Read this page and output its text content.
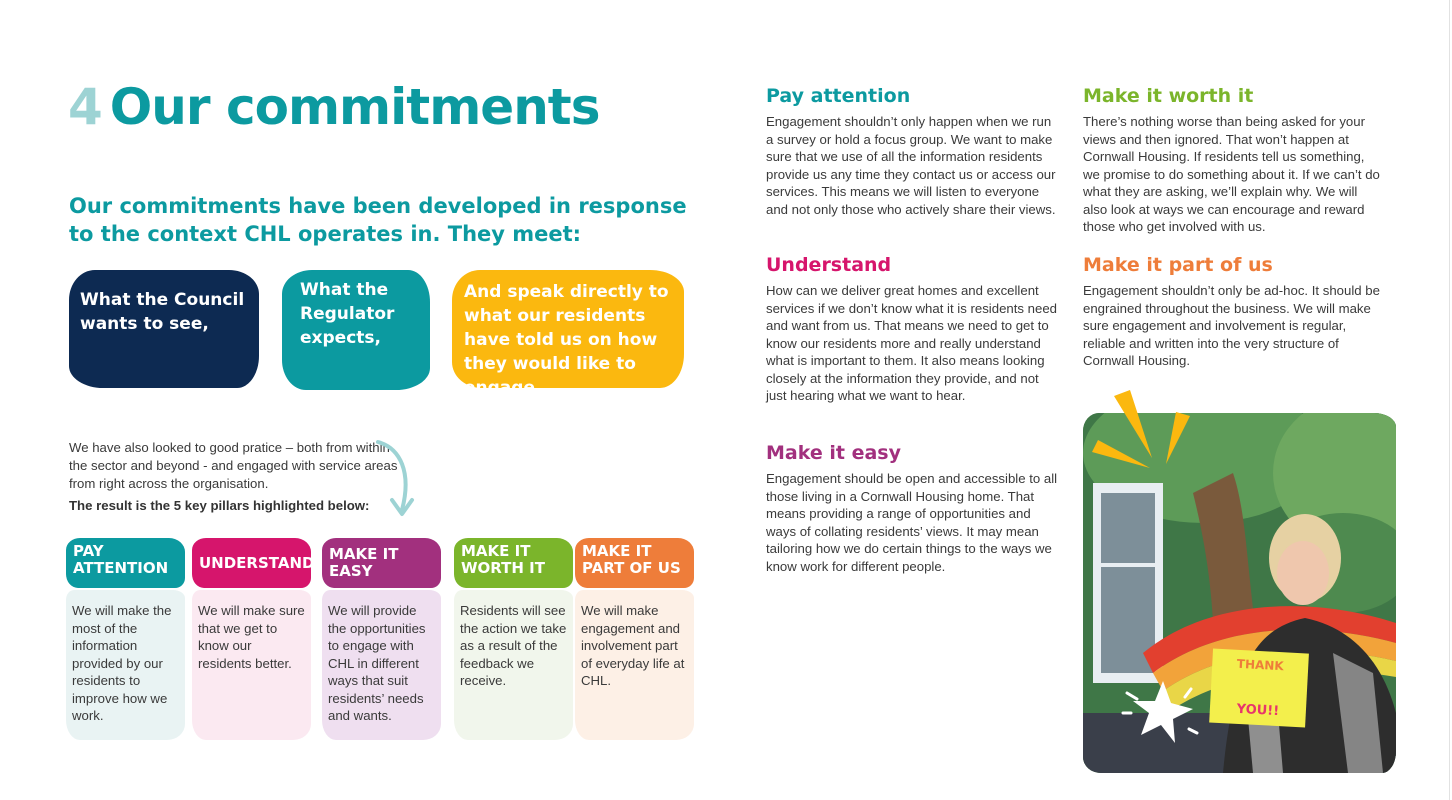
4 Our commitments
Our commitments have been developed in response to the context CHL operates in. They meet:
What the Council wants to see,
What the Regulator expects,
And speak directly to what our residents have told us on how they would like to engage.
We have also looked to good pratice – both from within the sector and beyond - and engaged with service areas from right across the organisation.
The result is the 5 key pillars highlighted below:
PAY ATTENTION
We will make the most of the information provided by our residents to improve how we work.
UNDERSTAND
We will make sure that we get to know our residents better.
MAKE IT EASY
We will provide the opportunities to engage with CHL in different ways that suit residents’ needs and wants.
MAKE IT WORTH IT
Residents will see the action we take as a result of the feedback we receive.
MAKE IT PART OF US
We will make engagement and involvement part of everyday life at CHL.
Pay attention

Engagement shouldn’t only happen when we run a survey or hold a focus group. We want to make sure that we use of all the information residents provide us any time they contact us or access our services. This means we will listen to everyone and not only those who actively share their views.

Understand

How can we deliver great homes and excellent services if we don’t know what it is residents need and want from us. That means we need to get to know our residents more and really understand what is important to them. It also means looking closely at the information they provide, and not just hearing what we want to hear.

Make it easy

Engagement should be open and accessible to all those living in a Cornwall Housing home. That means providing a range of opportunities and ways of collating residents’ views. It may mean tailoring how we do certain things to the ways we know work for different people.

Make it worth it

There’s nothing worse than being asked for your views and then ignored. That won’t happen at Cornwall Housing. If residents tell us something, we promise to do something about it. If we can’t do what they are asking, we’ll explain why. We will also look at ways we can encourage and reward those who get involved with us.

Make it part of us

Engagement shouldn’t only be ad-hoc. It should be engrained throughout the business. We will make sure engagement and involvement is regular, reliable and written into the very structure of Cornwall Housing.

THANK
YOU!!
